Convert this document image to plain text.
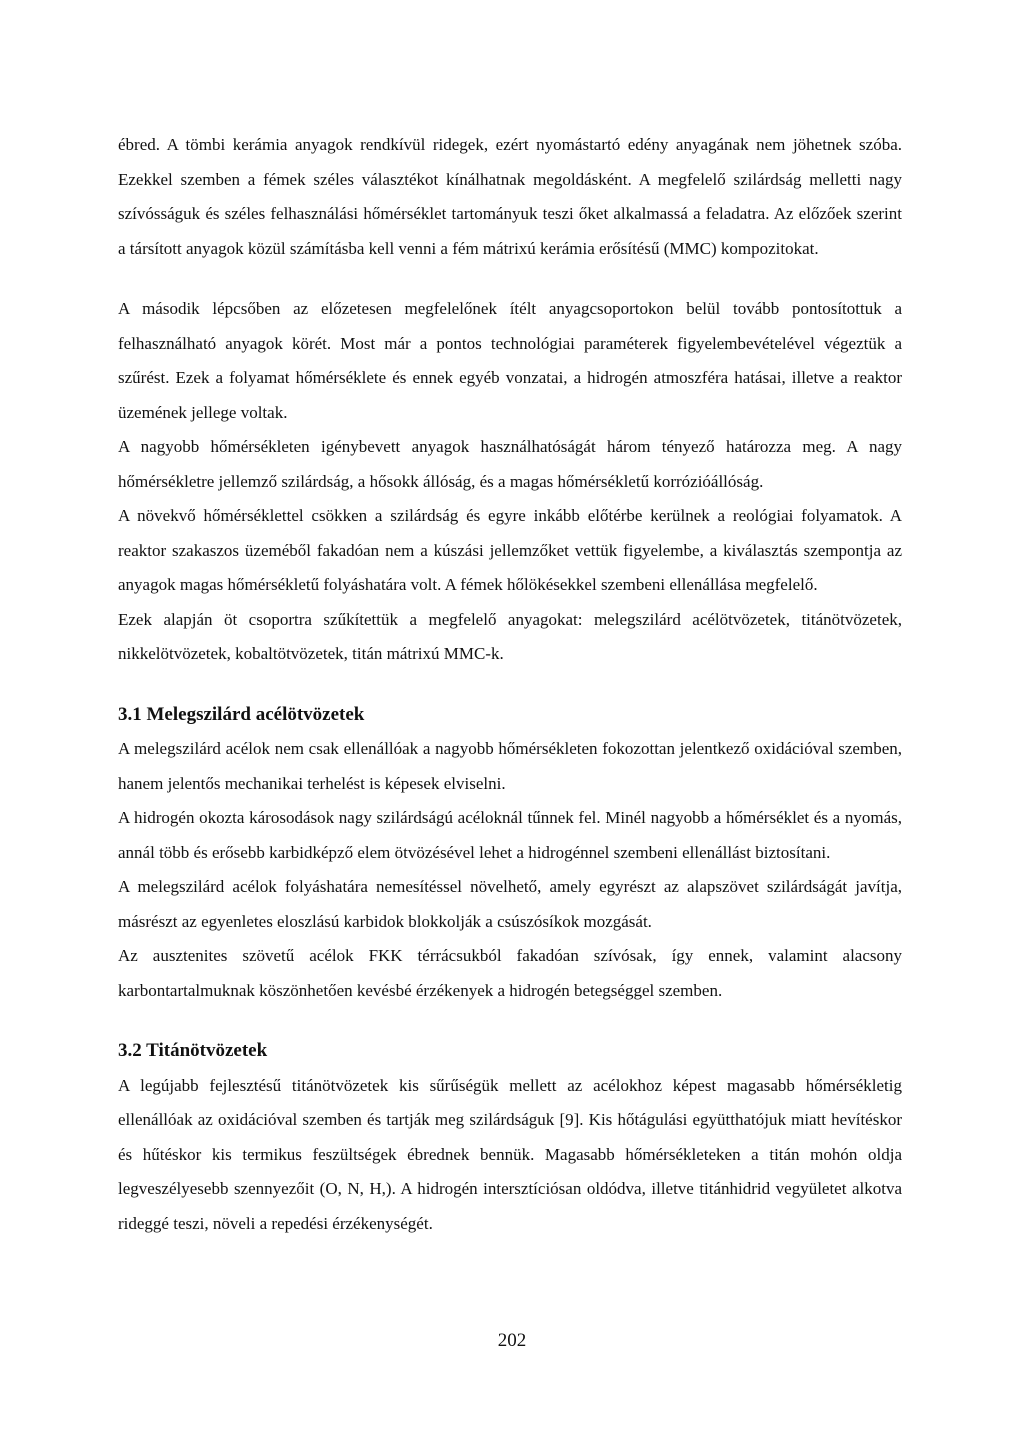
ébred. A tömbi kerámia anyagok rendkívül ridegek, ezért nyomástartó edény anyagának nem jöhetnek szóba. Ezekkel szemben a fémek széles választékot kínálhatnak megoldásként. A megfelelő szilárdság melletti nagy szívósságuk és széles felhasználási hőmérséklet tartományuk teszi őket alkalmassá a feladatra. Az előzőek szerint a társított anyagok közül számításba kell venni a fém mátrixú kerámia erősítésű (MMC) kompozitokat.

A második lépcsőben az előzetesen megfelelőnek ítélt anyagcsoportokon belül tovább pontosítottuk a felhasználható anyagok körét. Most már a pontos technológiai paraméterek figyelembevételével végeztük a szűrést. Ezek a folyamat hőmérséklete és ennek egyéb vonzatai, a hidrogén atmoszféra hatásai, illetve a reaktor üzemének jellege voltak.

A nagyobb hőmérsékleten igénybevett anyagok használhatóságát három tényező határozza meg. A nagy hőmérsékletre jellemző szilárdság, a hősokk állóság, és a magas hőmérsékletű korrózióállóság.

A növekvő hőmérséklettel csökken a szilárdság és egyre inkább előtérbe kerülnek a reológiai folyamatok. A reaktor szakaszos üzeméből fakadóan nem a kúszási jellemzőket vettük figyelembe, a kiválasztás szempontja az anyagok magas hőmérsékletű folyáshatára volt. A fémek hőlökésekkel szembeni ellenállása megfelelő.

Ezek alapján öt csoportra szűkítettük a megfelelő anyagokat: melegszilárd acélötvözetek, titánötvözetek, nikkelötvözetek, kobaltötvözetek, titán mátrixú MMC-k.

3.1 Melegszilárd acélötvözetek

A melegszilárd acélok nem csak ellenállóak a nagyobb hőmérsékleten fokozottan jelentkező oxidációval szemben, hanem jelentős mechanikai terhelést is képesek elviselni.

A hidrogén okozta károsodások nagy szilárdságú acéloknál tűnnek fel. Minél nagyobb a hőmérséklet és a nyomás, annál több és erősebb karbidképző elem ötvözésével lehet a hidrogénnel szembeni ellenállást biztosítani.

A melegszilárd acélok folyáshatára nemesítéssel növelhető, amely egyrészt az alapszövet szilárdságát javítja, másrészt az egyenletes eloszlású karbidok blokkolják a csúszósíkok mozgását.

Az ausztenites szövetű acélok FKK térrácsukból fakadóan szívósak, így ennek, valamint alacsony karbontartalmuknak köszönhetően kevésbé érzékenyek a hidrogén betegséggel szemben.

3.2 Titánötvözetek

A legújabb fejlesztésű titánötvözetek kis sűrűségük mellett az acélokhoz képest magasabb hőmérsékletig ellenállóak az oxidációval szemben és tartják meg szilárdságuk [9]. Kis hőtágulási együtthatójuk miatt hevítéskor és hűtéskor kis termikus feszültségek ébrednek bennük. Magasabb hőmérsékleteken a titán mohón oldja legveszélyesebb szennyezőit (O, N, H,). A hidrogén intersztíciósan oldódva, illetve titánhidrid vegyületet alkotva rideggé teszi, növeli a repedési érzékenységét.

202
